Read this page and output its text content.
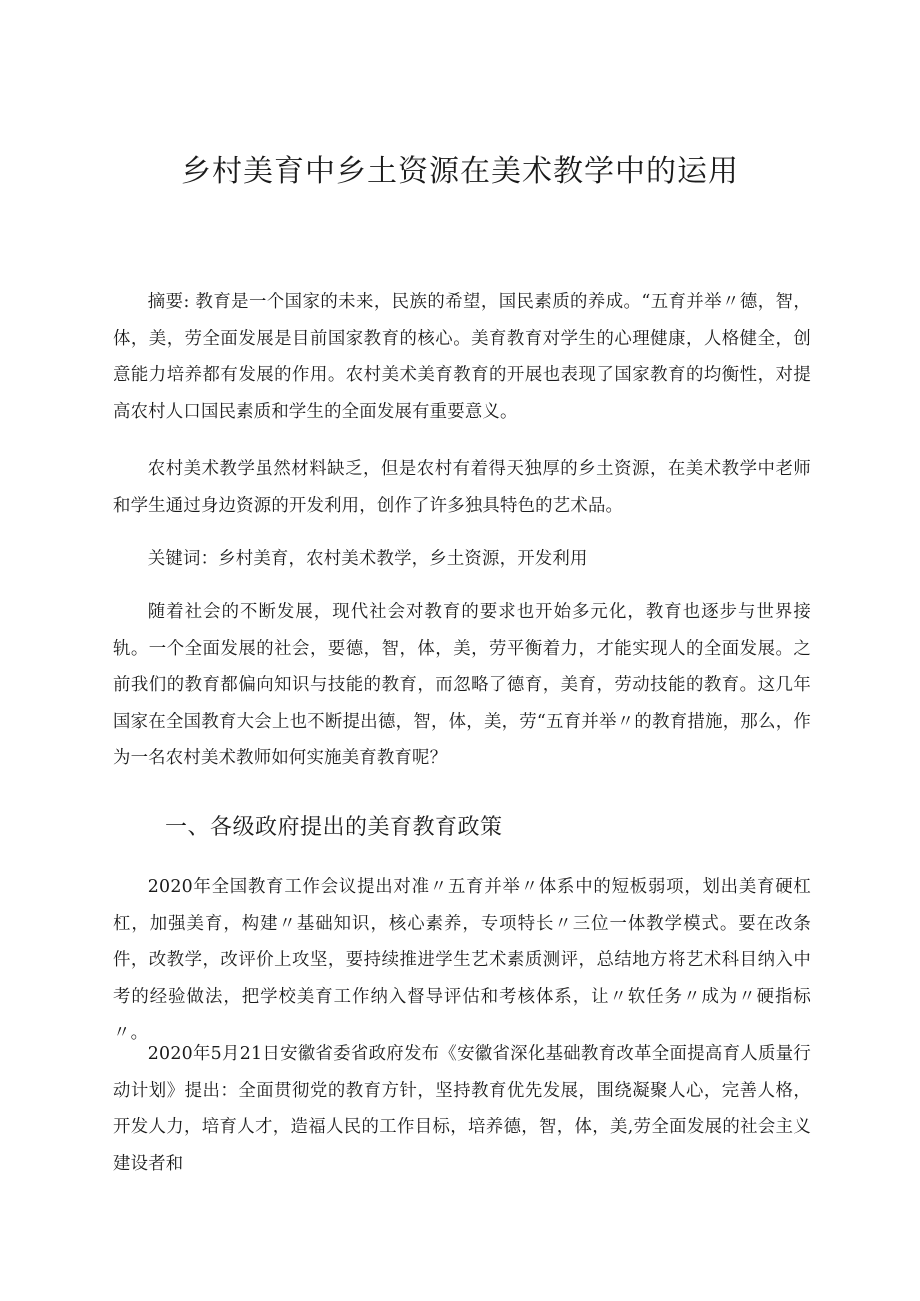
乡村美育中乡土资源在美术教学中的运用

摘要: 教育是一个国家的未来，民族的希望，国民素质的养成。“五育并举〃德，智，体，美，劳全面发展是目前国家教育的核心。美育教育对学生的心理健康，人格健全，创意能力培养都有发展的作用。农村美术美育教育的开展也表现了国家教育的均衡性，对提高农村人口国民素质和学生的全面发展有重要意义。

农村美术教学虽然材料缺乏，但是农村有着得天独厚的乡土资源，在美术教学中老师和学生通过身边资源的开发利用，创作了许多独具特色的艺术品。

关键词：乡村美育，农村美术教学，乡土资源，开发利用

随着社会的不断发展，现代社会对教育的要求也开始多元化，教育也逐步与世界接轨。一个全面发展的社会，要德，智，体，美，劳平衡着力，才能实现人的全面发展。之前我们的教育都偏向知识与技能的教育，而忽略了德育，美育，劳动技能的教育。这几年国家在全国教育大会上也不断提出德，智，体，美，劳“五育并举〃的教育措施，那么，作为一名农村美术教师如何实施美育教育呢？

一、各级政府提出的美育教育政策

2020年全国教育工作会议提出对准〃五育并举〃体系中的短板弱项，划出美育硬杠杠，加强美育，构建〃基础知识，核心素养，专项特长〃三位一体教学模式。要在改条件，改教学，改评价上攻坚，要持续推进学生艺术素质测评，总结地方将艺术科目纳入中考的经验做法，把学校美育工作纳入督导评估和考核体系，让〃软任务〃成为〃硬指标〃。

2020年5月21日安徽省委省政府发布《安徽省深化基础教育改革全面提高育人质量行动计划》提出：全面贯彻党的教育方针，坚持教育优先发展，围绕凝聚人心，完善人格，开发人力，培育人才，造福人民的工作目标，培养德，智，体，美,劳全面发展的社会主义建设者和
